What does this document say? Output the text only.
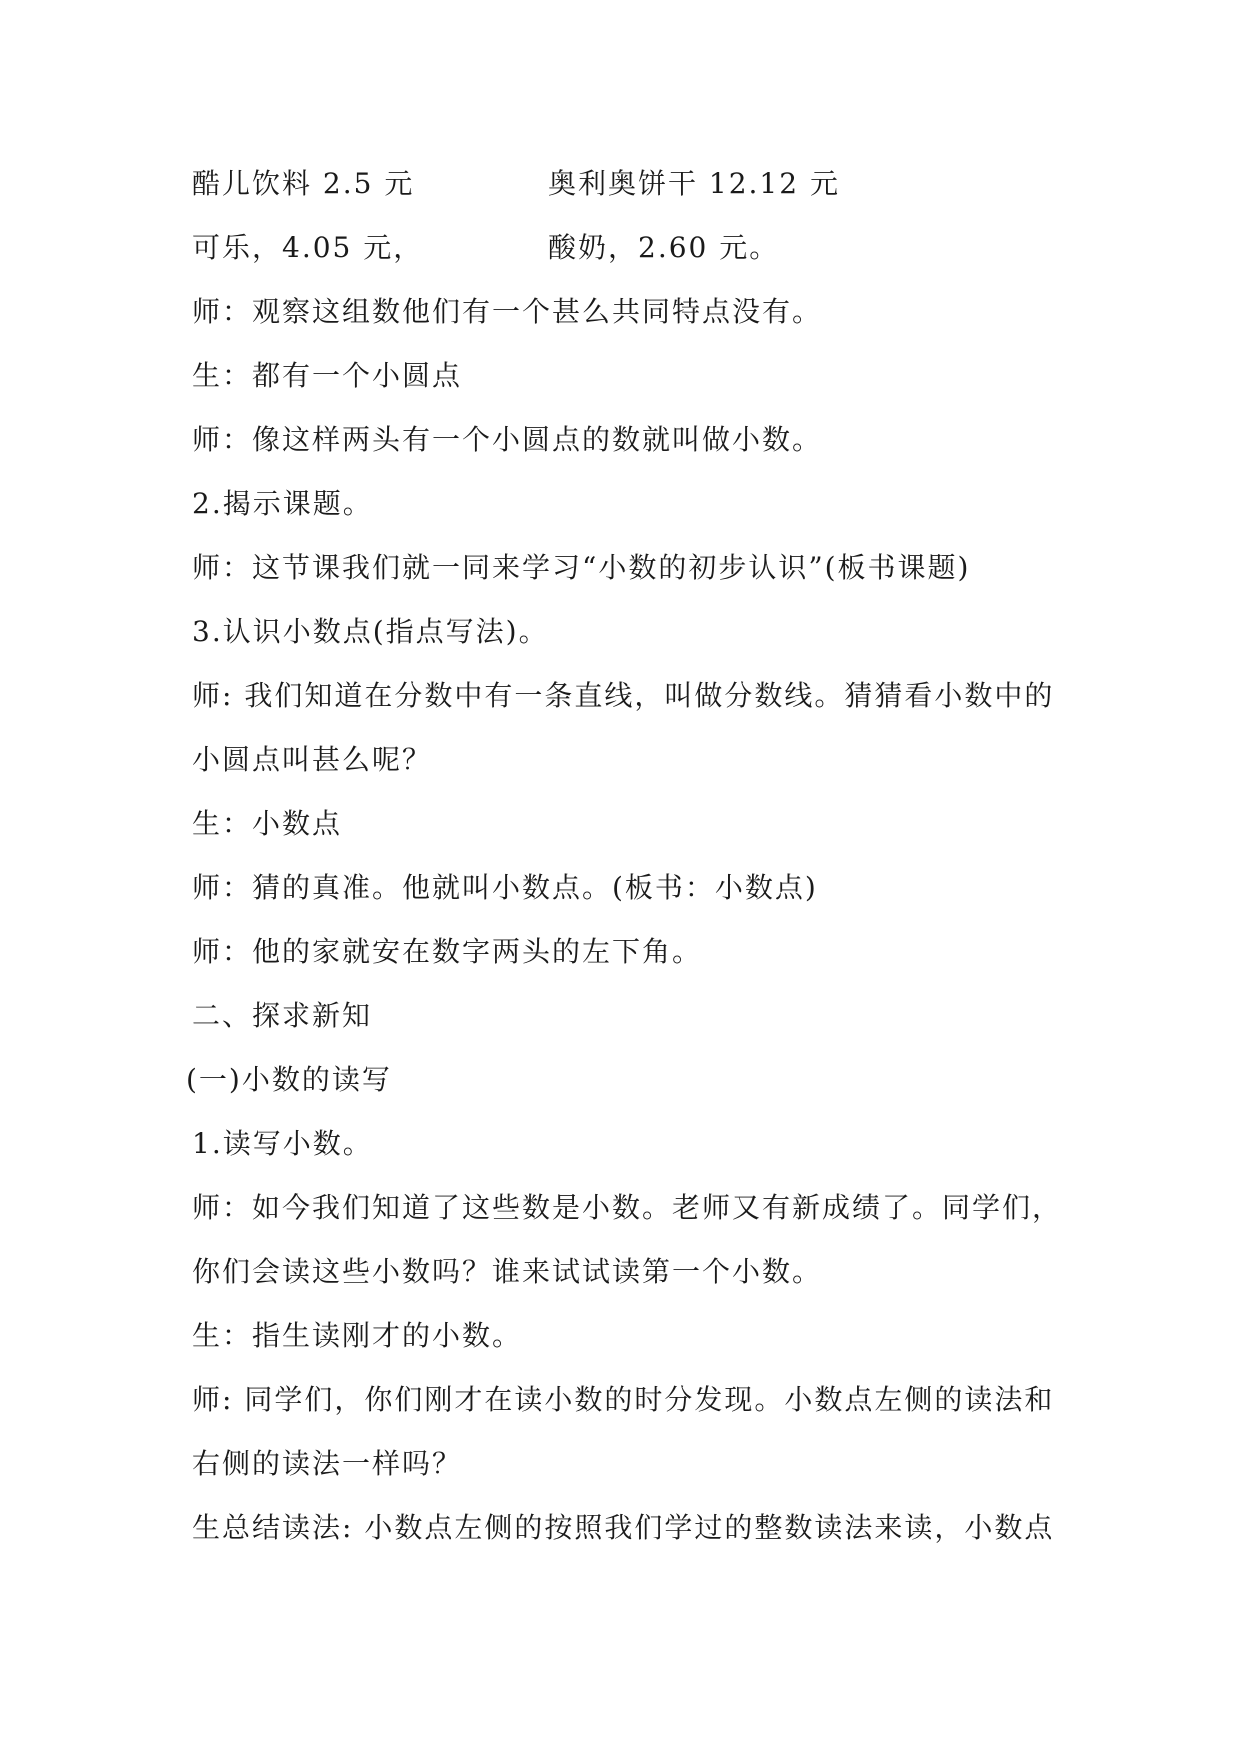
酷儿饮料 2.5 元	奥利奥饼干 12.12 元
可乐，4.05 元，	酸奶，2.60 元。
师：观察这组数他们有一个甚么共同特点没有。
生：都有一个小圆点
师：像这样两头有一个小圆点的数就叫做小数。
2.揭示课题。
师：这节课我们就一同来学习“小数的初步认识”(板书课题)
3.认识小数点(指点写法)。
师: 我们知道在分数中有一条直线，叫做分数线。猜猜看小数中的
小圆点叫甚么呢？
生：小数点
师：猜的真准。他就叫小数点。(板书：小数点)
师：他的家就安在数字两头的左下角。
二、探求新知
(一)小数的读写
1.读写小数。
师：如今我们知道了这些数是小数。老师又有新成绩了。同学们，
你们会读这些小数吗？谁来试试读第一个小数。
生：指生读刚才的小数。
师: 同学们，你们刚才在读小数的时分发现。小数点左侧的读法和
右侧的读法一样吗？
生总结读法: 小数点左侧的按照我们学过的整数读法来读，小数点
